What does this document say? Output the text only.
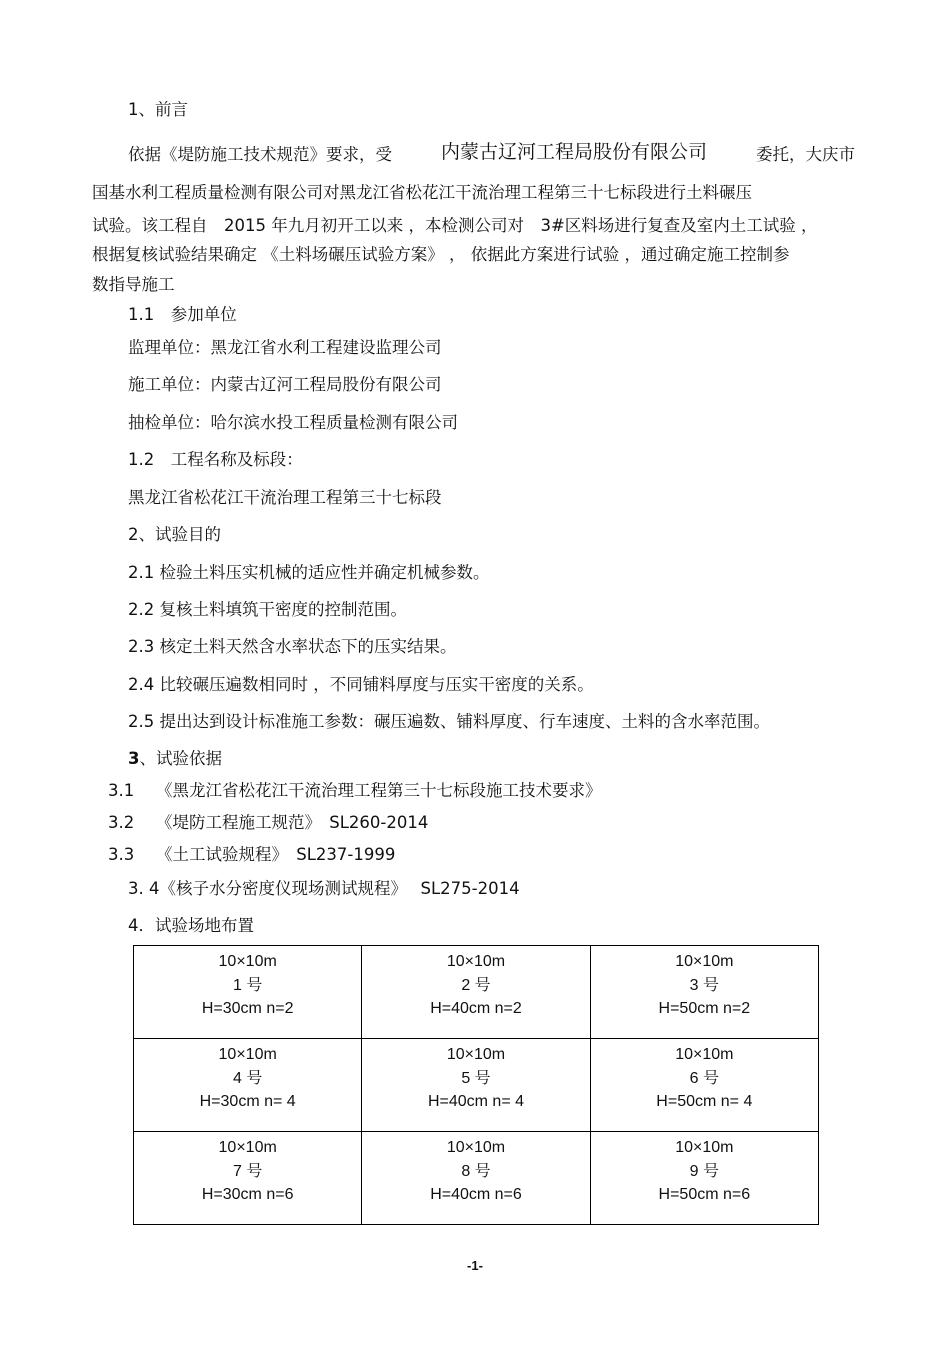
1、前言
依据《堤防施工技术规范》要求，受	内蒙古辽河工程局股份有限公司	委托，大庆市
国基水利工程质量检测有限公司对黑龙江省松花江干流治理工程第三十七标段进行土料碾压
试验。该工程自　2015 年九月初开工以来 ，本检测公司对　3#区料场进行复查及室内土工试验 ，
根据复核试验结果确定 《土料场碾压试验方案》 ， 依据此方案进行试验 ，通过确定施工控制参
数指导施工
1.1　参加单位
监理单位：黑龙江省水利工程建设监理公司
施工单位：内蒙古辽河工程局股份有限公司
抽检单位：哈尔滨水投工程质量检测有限公司
1.2　工程名称及标段：
黑龙江省松花江干流治理工程第三十七标段
2、试验目的
2.1 检验土料压实机械的适应性并确定机械参数。
2.2 复核土料填筑干密度的控制范围。
2.3 核定土料天然含水率状态下的压实结果。
2.4 比较碾压遍数相同时 ，不同铺料厚度与压实干密度的关系。
2.5 提出达到设计标准施工参数：碾压遍数、铺料厚度、行车速度、土料的含水率范围。
3、试验依据
3.1　 《黑龙江省松花江干流治理工程第三十七标段施工技术要求》
3.2　 《堤防工程施工规范》　SL260-2014
3.3　 《土工试验规程》　SL237-1999
3. 4《核子水分密度仪现场测试规程》　 SL275-2014
4．试验场地布置
10×10m
1 号
H=30cm n=2	10×10m
2 号
H=40cm n=2	10×10m
3 号
H=50cm n=2

10×10m
4 号
H=30cm n= 4	10×10m
5 号
H=40cm n= 4	10×10m
6 号
H=50cm n= 4

10×10m
7 号
H=30cm n=6	10×10m
8 号
H=40cm n=6	10×10m
9 号
H=50cm n=6
-1-
